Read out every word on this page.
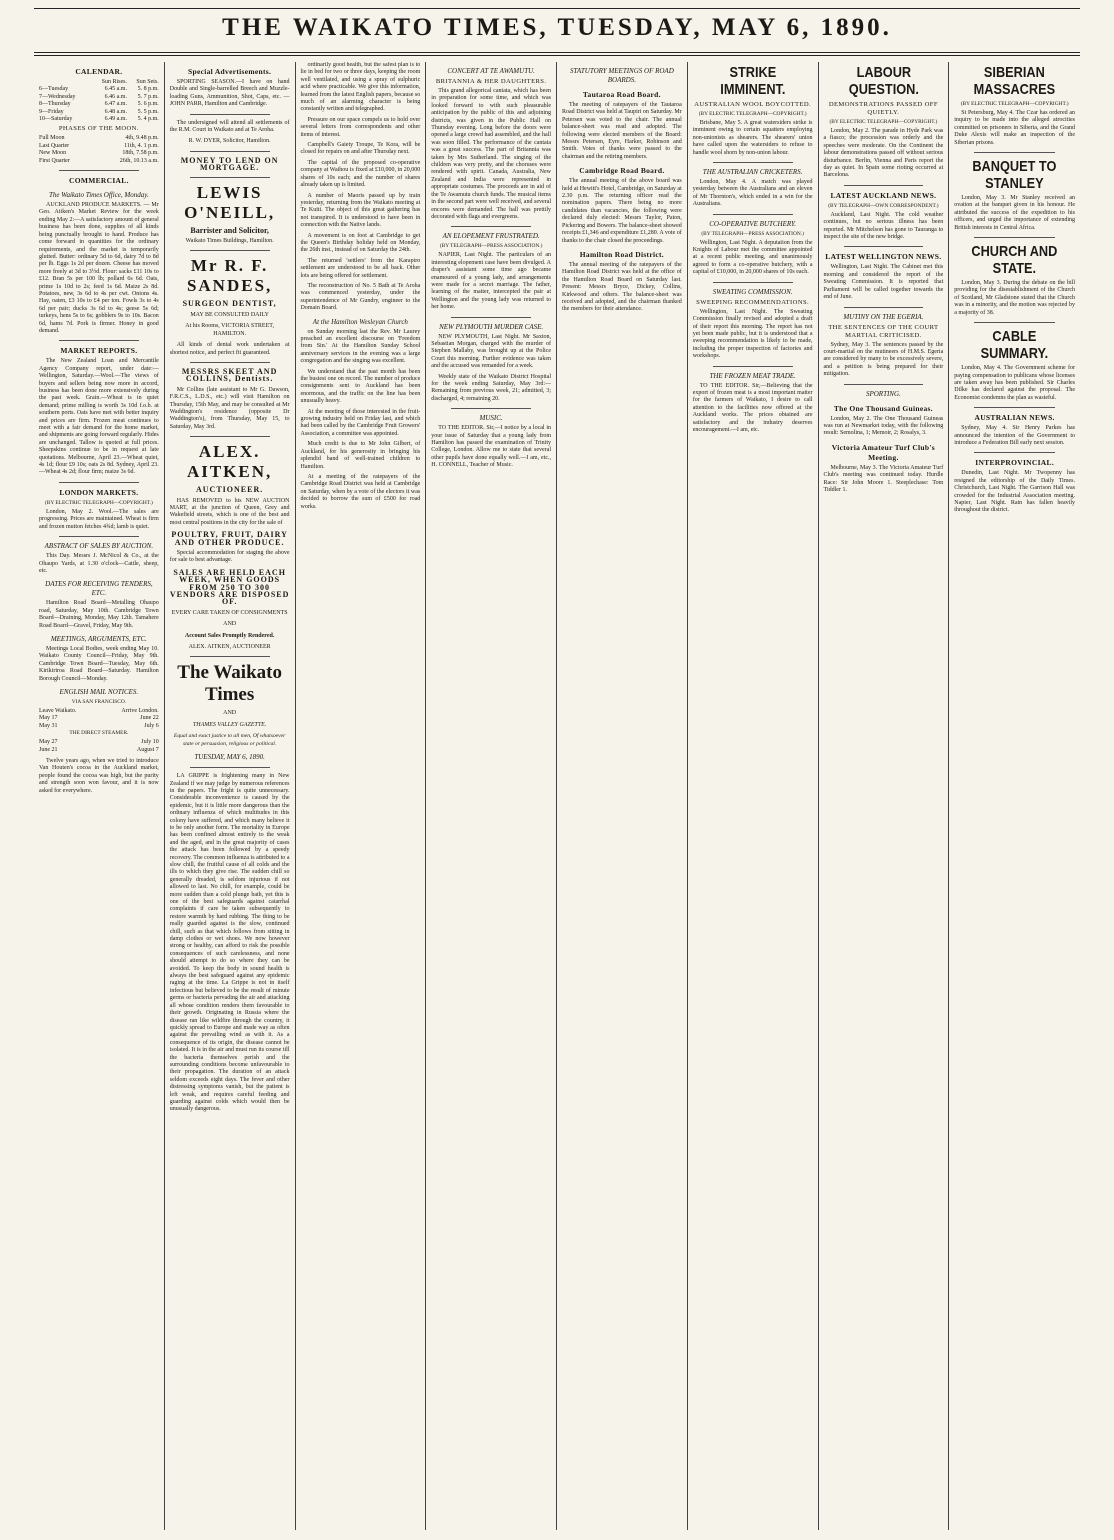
THE WAIKATO TIMES, TUESDAY, MAY 6, 1890.
CALENDAR.
	Sun Rises.	Sun Sets.
6—Tuesday	6.45 a.m.	5. 8 p.m.
7—Wednesday	6.46 a.m.	5. 7 p.m.
8—Thursday	6.47 a.m.	5. 6 p.m.
9—Friday	6.48 a.m.	5. 5 p.m.
10—Saturday	6.49 a.m.	5. 4 p.m.
PHASES OF THE MOON.
Full Moon	4th, 9.48 p.m.
Last Quarter	11th, 4. 1 p.m.
New Moon	18th, 7.58 p.m.
First Quarter	26th, 10.13 a.m.
COMMERCIAL.
The Waikato Times Office, Monday.

AUCKLAND PRODUCE MARKETS. — Mr Geo. Aitken's Market Review for the week ending May 2:—A satisfactory amount of general business has been done, supplies of all kinds being punctually brought to hand. Produce has come forward in quantities for the ordinary requirements, and the market is temporarily glutted. Butter: ordinary 5d to 6d, dairy 7d to 8d per lb. Eggs 1s 2d per dozen. Cheese has moved more freely at 3d to 3½d. Flour: sacks £11 10s to £12. Bran 5s per 100 lb; pollard 6s 6d. Oats, prime 1s 10d to 2s; feed 1s 6d. Maize 2s 8d. Potatoes, new, 3s 6d to 4s per cwt. Onions 4s. Hay, oaten, £3 10s to £4 per ton. Fowls 3s to 4s 6d per pair; ducks 3s 6d to 4s; geese 5s 6d; turkeys, hens 5s to 6s; gobblers 9s to 10s. Bacon 6d, hams 7d. Pork is firmer. Honey in good demand.

MARKET REPORTS.

The New Zealand Loan and Mercantile Agency Company report, under date:—Wellington, Saturday.—Wool.—The views of buyers and sellers being now more in accord, business has been done more extensively during the past week. Grain.—Wheat is in quiet demand; prime milling is worth 3s 10d f.o.b. at southern ports. Oats have met with better inquiry and prices are firm. Frozen meat continues to meet with a fair demand for the home market, and shipments are going forward regularly. Hides are unchanged. Tallow is quoted at full prices. Sheepskins continue to be in request at late quotations. Melbourne, April 23.—Wheat quiet, 4s 1d; flour £9 10s; oats 2s 8d. Sydney, April 23.—Wheat 4s 2d; flour firm; maize 3s 6d.

LONDON MARKETS.
(BY ELECTRIC TELEGRAPH—COPYRIGHT.)

London, May 2. Wool.—The sales are progressing. Prices are maintained. Wheat is firm and frozen mutton fetches 4¾d; lamb is quiet.

ABSTRACT OF SALES BY AUCTION.

This Day. Messrs J. McNicol & Co., at the Ohaupo Yards, at 1.30 o'clock—Cattle, sheep, etc.

DATES FOR RECEIVING TENDERS, ETC.

Hamilton Road Board—Metalling Ohaupo road, Saturday, May 10th. Cambridge Town Board—Draining, Monday, May 12th. Tamahere Road Board—Gravel, Friday, May 9th.

MEETINGS, ARGUMENTS, ETC.

Meetings Local Bodies, week ending May 10. Waikato County Council—Friday, May 9th. Cambridge Town Board—Tuesday, May 6th. Kirikiriroa Road Board—Saturday. Hamilton Borough Council—Monday.

ENGLISH MAIL NOTICES.
VIA SAN FRANCISCO.
Leave Waikato.	Arrive London.
May 17	June 22
May 31	July 6
THE DIRECT STEAMER.
May 27	July 10
June 21	August 7

Twelve years ago, when we tried to introduce Van Houten's cocoa in the Auckland market, people found the cocoa was high, but the purity and strength soon won favour, and it is now asked for everywhere.

Special Advertisements.

SPORTING SEASON.—I have on hand Double and Single-barrelled Breech and Muzzle-loading Guns, Ammunition, Shot, Caps, etc. — JOHN PARR, Hamilton and Cambridge.

The undersigned will attend all settlements of the R.M. Court in Waikato and at Te Aroha.

R. W. DYER, Solicitor, Hamilton.
MONEY TO LEND ON MORTGAGE.
LEWIS O'NEILL,
Barrister and Solicitor,
Waikato Times Buildings, Hamilton.
Mr R. F. SANDES,
SURGEON DENTIST,
MAY BE CONSULTED DAILY
At his Rooms, VICTORIA STREET, HAMILTON.

All kinds of dental work undertaken at shortest notice, and perfect fit guaranteed.

MESSRS SKEET AND COLLINS, Dentists.

Mr Collins (late assistant to Mr G. Dawson, F.R.C.S., L.D.S., etc.) will visit Hamilton on Thursday, 15th May, and may be consulted at Mr Waddington's residence (opposite Dr Waddington's), from Thursday, May 15, to Saturday, May 3rd.

ALEX. AITKEN,
AUCTIONEER.

HAS REMOVED to his NEW AUCTION MART, at the junction of Queen, Grey and Wakefield streets, which is one of the best and most central positions in the city for the sale of

POULTRY, FRUIT, DAIRY AND OTHER PRODUCE.

Special accommodation for staging the above for sale to best advantage.

SALES ARE HELD EACH WEEK, WHEN GOODS FROM 250 TO 300 VENDORS ARE DISPOSED OF.
EVERY CARE TAKEN OF CONSIGNMENTS
AND
Account Sales Promptly Rendered.
ALEX. AITKEN, AUCTIONEER
The Waikato Times
AND
THAMES VALLEY GAZETTE.
Equal and exact justice to all men, Of whatsoever state or persuasion, religious or political.
TUESDAY, MAY 6, 1890.

LA GRIPPE is frightening many in New Zealand if we may judge by numerous references in the papers. The fright is quite unnecessary. Considerable inconvenience is caused by the epidemic, but it is little more dangerous than the ordinary influenza of which multitudes in this colony have suffered, and which many believe it to be only another form. The mortality in Europe has been confined almost entirely to the weak and the aged, and in the great majority of cases the attack has been followed by a speedy recovery. The common influenza is attributed to a slow chill, the fruitful cause of all colds and the ills to which they give rise. The sudden chill so generally dreaded, is seldom injurious if not allowed to last. No chill, for example, could be more sudden than a cold plunge bath, yet this is one of the best safeguards against catarrhal complaints if care be taken subsequently to restore warmth by hard rubbing. The thing to be really guarded against is the slow, continued chill, such as that which follows from sitting in damp clothes or wet shoes. We now however strong or healthy, can afford to risk the possible consequences of such carelessness, and none should attempt to do so where they can be avoided. To keep the body in sound health is always the best safeguard against any epidemic raging at the time. La Grippe is not in itself infectious but believed to be the result of minute germs or bacteria pervading the air and attacking all whose condition renders them favourable to their growth. Originating in Russia where the disease ran like wildfire through the country, it quickly spread to Europe and made way as often against the prevailing wind as with it. As a consequence of its origin, the disease cannot be isolated. It is in the air and must run its course till the bacteria themselves perish and the surrounding conditions become unfavourable to their propagation. The duration of an attack seldom exceeds eight days. The fever and other distressing symptoms vanish, but the patient is left weak, and requires careful feeding and guarding against colds which would then be unusually dangerous.

ordinarily good health, but the safest plan is to lie in bed for two or three days, keeping the room well ventilated, and using a spray of sulphuric acid where practicable. We give this information, learned from the latest English papers, because so much of an alarming character is being constantly written and telegraphed.

Pressure on our space compels us to hold over several letters from correspondents and other items of interest.

Campbell's Gaiety Troupe, Te Kora, will be closed for repairs on and after Thursday next.

The capital of the proposed co-operative company at Waihou is fixed at £10,000, in 20,000 shares of 10s each; and the number of shares already taken up is limited.

A number of Maoris passed up by train yesterday, returning from the Waikato meeting at Te Kuiti. The object of this great gathering has not transpired. It is understood to have been in connection with the Native lands.

A movement is on foot at Cambridge to get the Queen's Birthday holiday held on Monday, the 26th inst., instead of on Saturday the 24th.

The returned 'settlers' from the Karapiro settlement are understood to be all back. Other lots are being offered for settlement.

The reconstruction of No. 5 Bath at Te Aroha was commenced yesterday, under the superintendence of Mr Gundry, engineer to the Domain Board.

At the Hamilton Wesleyan Church

on Sunday morning last the Rev. Mr Laurey preached an excellent discourse on 'Freedom from Sin.' At the Hamilton Sunday School anniversary services in the evening was a large congregation and the singing was excellent.

We understand that the past month has been the busiest one on record. The number of produce consignments sent to Auckland has been enormous, and the traffic on the line has been unusually heavy.

At the meeting of those interested in the fruit-growing industry held on Friday last, and which had been called by the Cambridge Fruit Growers' Association, a committee was appointed.

Much credit is due to Mr John Gilbert, of Auckland, for his generosity in bringing his splendid band of well-trained children to Hamilton.

At a meeting of the ratepayers of the Cambridge Road District was held at Cambridge on Saturday, when by a vote of the electors it was decided to borrow the sum of £500 for road works.

CONCERT AT TE AWAMUTU.
BRITANNIA & HER DAUGHTERS.

This grand allegorical cantata, which has been in preparation for some time, and which was looked forward to with such pleasurable anticipation by the public of this and adjoining districts, was given in the Public Hall on Thursday evening. Long before the doors were opened a large crowd had assembled, and the hall was soon filled. The performance of the cantata was a great success. The part of Britannia was taken by Mrs Sutherland. The singing of the children was very pretty, and the choruses were rendered with spirit. Canada, Australia, New Zealand and India were represented in appropriate costumes. The proceeds are in aid of the Te Awamutu church funds. The musical items in the second part were well received, and several encores were demanded. The hall was prettily decorated with flags and evergreens.

AN ELOPEMENT FRUSTRATED.
(BY TELEGRAPH—PRESS ASSOCIATION.)

NAPIER, Last Night. The particulars of an interesting elopement case have been divulged. A draper's assistant some time ago became enamoured of a young lady, and arrangements were made for a secret marriage. The father, learning of the matter, intercepted the pair at Wellington and the young lady was returned to her home.

NEW PLYMOUTH MURDER CASE.

NEW PLYMOUTH, Last Night. Mr Saxton, Sebastian Morgan, charged with the murder of Stephen Mallaby, was brought up at the Police Court this morning. Further evidence was taken and the accused was remanded for a week.

Weekly state of the Waikato District Hospital for the week ending Saturday, May 3rd:—Remaining from previous week, 21; admitted, 3; discharged, 4; remaining 20.

MUSIC.

TO THE EDITOR. Sir,—I notice by a local in your issue of Saturday that a young lady from Hamilton has passed the examination of Trinity College, London. Allow me to state that several other pupils have done equally well.—I am, etc., H. CONNELL, Teacher of Music.

STATUTORY MEETINGS OF ROAD BOARDS.
Tautaroa Road Board.

The meeting of ratepayers of the Tautaroa Road District was held at Taupiri on Saturday. Mr Petersen was voted to the chair. The annual balance-sheet was read and adopted. The following were elected members of the Board: Messrs Petersen, Eyre, Harker, Robinson and Smith. Votes of thanks were passed to the chairman and the retiring members.

Cambridge Road Board.

The annual meeting of the above board was held at Hewitt's Hotel, Cambridge, on Saturday at 2.30 p.m. The returning officer read the nomination papers. There being no more candidates than vacancies, the following were declared duly elected: Messrs Taylor, Paton, Pickering and Bowers. The balance-sheet showed receipts £1,346 and expenditure £1,280. A vote of thanks to the chair closed the proceedings.

Hamilton Road District.

The annual meeting of the ratepayers of the Hamilton Road District was held at the office of the Hamilton Road Board on Saturday last. Present: Messrs Bryce, Dickey, Collins, Kirkwood and others. The balance-sheet was received and adopted, and the chairman thanked the members for their attendance.

STRIKE IMMINENT.
AUSTRALIAN WOOL BOYCOTTED.
(BY ELECTRIC TELEGRAPH—COPYRIGHT.)

Brisbane, May 5. A great watersiders strike is imminent owing to certain squatters employing non-unionists as shearers. The shearers' union have called upon the watersiders to refuse to handle wool shorn by non-union labour.

THE AUSTRALIAN CRICKETERS.

London, May 4. A match was played yesterday between the Australians and an eleven of Mr Thornton's, which ended in a win for the Australians.

CO-OPERATIVE BUTCHERY.
(BY TELEGRAPH—PRESS ASSOCIATION.)

Wellington, Last Night. A deputation from the Knights of Labour met the committee appointed at a recent public meeting, and unanimously agreed to form a co-operative butchery, with a capital of £10,000, in 20,000 shares of 10s each.

SWEATING COMMISSION.
SWEEPING RECOMMENDATIONS.

Wellington, Last Night. The Sweating Commission finally revised and adopted a draft of their report this morning. The report has not yet been made public, but it is understood that a sweeping recommendation is likely to be made, including the proper inspection of factories and workshops.

THE FROZEN MEAT TRADE.

TO THE EDITOR. Sir,—Believing that the export of frozen meat is a most important matter for the farmers of Waikato, I desire to call attention to the facilities now offered at the Auckland works. The prices obtained are satisfactory and the industry deserves encouragement.—I am, etc.

LABOUR QUESTION.
DEMONSTRATIONS PASSED OFF QUIETLY.
(BY ELECTRIC TELEGRAPH—COPYRIGHT.)

London, May 2. The parade in Hyde Park was a fiasco; the procession was orderly and the speeches were moderate. On the Continent the labour demonstrations passed off without serious disturbance. Berlin, Vienna and Paris report the day as quiet. In Spain some rioting occurred at Barcelona.

LATEST AUCKLAND NEWS.
(BY TELEGRAPH—OWN CORRESPONDENT.)

Auckland, Last Night. The cold weather continues, but no serious illness has been reported. Mr Mitchelson has gone to Tauranga to inspect the site of the new bridge.

LATEST WELLINGTON NEWS.

Wellington, Last Night. The Cabinet met this morning and considered the report of the Sweating Commission. It is reported that Parliament will be called together towards the end of June.

MUTINY ON THE EGERIA.
THE SENTENCES OF THE COURT MARTIAL CRITICISED.

Sydney, May 3. The sentences passed by the court-martial on the mutineers of H.M.S. Egeria are considered by many to be excessively severe, and a petition is being prepared for their mitigation.

SPORTING.
The One Thousand Guineas.

London, May 2. The One Thousand Guineas was run at Newmarket today, with the following result: Semolina, 1; Memoir, 2; Rosalys, 3.

Victoria Amateur Turf Club's Meeting.

Melbourne, May 3. The Victoria Amateur Turf Club's meeting was continued today. Hurdle Race: Sir John Moore 1. Steeplechase: Tom Tiddler 1.

SIBERIAN MASSACRES
(BY ELECTRIC TELEGRAPH—COPYRIGHT.)

St Petersburg, May 4. The Czar has ordered an inquiry to be made into the alleged atrocities committed on prisoners in Siberia, and the Grand Duke Alexis will make an inspection of the Siberian prisons.

BANQUET TO STANLEY

London, May 3. Mr Stanley received an ovation at the banquet given in his honour. He attributed the success of the expedition to his officers, and urged the importance of extending British interests in Central Africa.

CHURCH AND STATE.

London, May 3. During the debate on the bill providing for the disestablishment of the Church of Scotland, Mr Gladstone stated that the Church was in a minority, and the motion was rejected by a majority of 38.

CABLE SUMMARY.

London, May 4. The Government scheme for paying compensation to publicans whose licenses are taken away has been published. Sir Charles Dilke has declared against the proposal. The Economist condemns the plan as wasteful.

AUSTRALIAN NEWS.

Sydney, May 4. Sir Henry Parkes has announced the intention of the Government to introduce a Federation Bill early next session.

INTERPROVINCIAL.

Dunedin, Last Night. Mr Twopenny has resigned the editorship of the Daily Times. Christchurch, Last Night. The Garrison Hall was crowded for the Industrial Association meeting. Napier, Last Night. Rain has fallen heavily throughout the district.
